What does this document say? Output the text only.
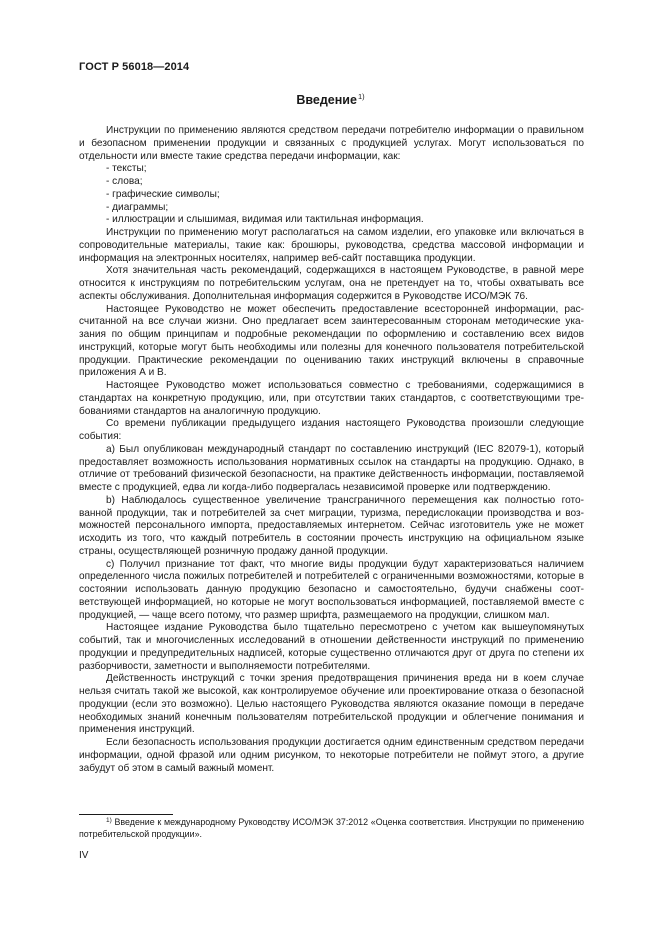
ГОСТ Р 56018—2014
Введение$^{1)}$

Инструкции по применению являются средством передачи потребителю информации о правильном и безопасном применении продукции и связанных с продукцией услугах. Могут использоваться по отдельности или вместе такие средства передачи информации, как:

- тексты;

- слова;

- графические символы;

- диаграммы;

- иллюстрации и слышимая, видимая или тактильная информация.

Инструкции по применению могут располагаться на самом изделии, его упаковке или включаться в сопроводительные материалы, такие как: брошюры, руководства, средства массовой информации и информация на электронных носителях, например веб-сайт поставщика продукции.

Хотя значительная часть рекомендаций, содержащихся в настоящем Руководстве, в равной мере относится к инструкциям по потребительским услугам, она не претендует на то, чтобы охватывать все аспекты обслуживания. Дополнительная информация содержится в Руководстве ИСО/МЭК 76.

Настоящее Руководство не может обеспечить предоставление всесторонней информации, рассчитанной на все случаи жизни. Оно предлагает всем заинтересованным сторонам методические указания по общим принципам и подробные рекомендации по оформлению и составлению всех видов инструкций, которые могут быть необходимы или полезны для конечного пользователя потребительской продукции. Практические рекомендации по оцениванию таких инструкций включены в справочные приложения А и В.

Настоящее Руководство может использоваться совместно с требованиями, содержащимися в стандартах на конкретную продукцию, или, при отсутствии таких стандартов, с соответствующими требованиями стандартов на аналогичную продукцию.

Со времени публикации предыдущего издания настоящего Руководства произошли следующие события:

a) Был опубликован международный стандарт по составлению инструкций (IEC 82079-1), который предоставляет возможность использования нормативных ссылок на стандарты на продукцию. Однако, в отличие от требований физической безопасности, на практике действенность информации, поставляемой вместе с продукцией, едва ли когда-либо подвергалась независимой проверке или подтверждению.

b) Наблюдалось существенное увеличение трансграничного перемещения как полностью готованной продукции, так и потребителей за счет миграции, туризма, передислокации производства и возможностей персонального импорта, предоставляемых интернетом. Сейчас изготовитель уже не может исходить из того, что каждый потребитель в состоянии прочесть инструкцию на официальном языке страны, осуществляющей розничную продажу данной продукции.

c) Получил признание тот факт, что многие виды продукции будут характеризоваться наличием определенного числа пожилых потребителей и потребителей с ограниченными возможностями, которые в состоянии использовать данную продукцию безопасно и самостоятельно, будучи снабжены соответствующей информацией, но которые не могут воспользоваться информацией, поставляемой вместе с продукцией, — чаще всего потому, что размер шрифта, размещаемого на продукции, слишком мал.

Настоящее издание Руководства было тщательно пересмотрено с учетом как вышеупомянутых событий, так и многочисленных исследований в отношении действенности инструкций по применению продукции и предупредительных надписей, которые существенно отличаются друг от друга по степени их разборчивости, заметности и выполняемости потребителями.

Действенность инструкций с точки зрения предотвращения причинения вреда ни в коем случае нельзя считать такой же высокой, как контролируемое обучение или проектирование отказа о безопасной продукции (если это возможно). Целью настоящего Руководства являются оказание помощи в передаче необходимых знаний конечным пользователям потребительской продукции и облегчение понимания и применения инструкций.

Если безопасность использования продукции достигается одним единственным средством передачи информации, одной фразой или одним рисунком, то некоторые потребители не поймут этого, а другие забудут об этом в самый важный момент.

$^{1)}$ Введение к международному Руководству ИСО/МЭК 37:2012 «Оценка соответствия. Инструкции по применению потребительской продукции».
IV
